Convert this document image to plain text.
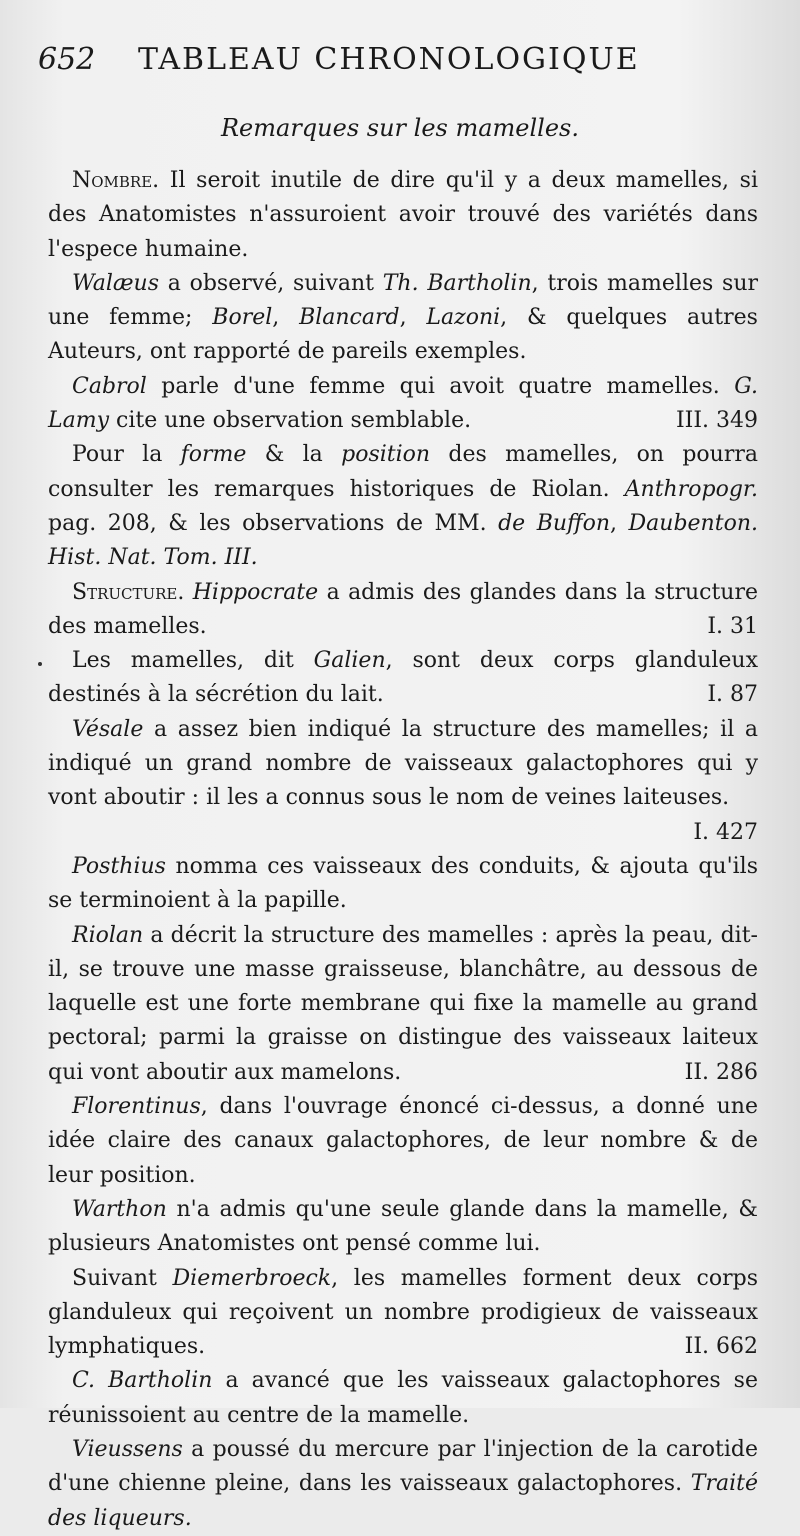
652 TABLEAU CHRONOLOGIQUE
Remarques sur les mamelles.

Nombre. Il seroit inutile de dire qu'il y a deux mamelles, si des Anatomistes n'assuroient avoir trouvé des variétés dans l'espece humaine.

Walæus a observé, suivant Th. Bartholin, trois mamelles sur une femme; Borel, Blancard, Lazoni, & quelques autres Auteurs, ont rapporté de pareils exemples.

Cabrol parle d'une femme qui avoit quatre mamelles. G. Lamy cite une observation semblable.	III. 349

Pour la forme & la position des mamelles, on pourra consulter les remarques historiques de Riolan. Anthropogr. pag. 208, & les observations de MM. de Buffon, Daubenton. Hist. Nat. Tom. III.

Structure. Hippocrate a admis des glandes dans la structure des mamelles.	I. 31

Les mamelles, dit Galien, sont deux corps glanduleux destinés à la sécrétion du lait.	I. 87

Vésale a assez bien indiqué la structure des mamelles; il a indiqué un grand nombre de vaisseaux galactophores qui y vont aboutir : il les a connus sous le nom de veines laiteuses.
I. 427

Posthius nomma ces vaisseaux des conduits, & ajouta qu'ils se terminoient à la papille.

Riolan a décrit la structure des mamelles : après la peau, dit-il, se trouve une masse graisseuse, blanchâtre, au dessous de laquelle est une forte membrane qui fixe la mamelle au grand pectoral; parmi la graisse on distingue des vaisseaux laiteux qui vont aboutir aux mamelons.	II. 286

Florentinus, dans l'ouvrage énoncé ci-dessus, a donné une idée claire des canaux galactophores, de leur nombre & de leur position.

Warthon n'a admis qu'une seule glande dans la mamelle, & plusieurs Anatomistes ont pensé comme lui.

Suivant Diemerbroeck, les mamelles forment deux corps glanduleux qui reçoivent un nombre prodigieux de vaisseaux lymphatiques.	II. 662

C. Bartholin a avancé que les vaisseaux galactophores se réunissoient au centre de la mamelle.

Vieussens a poussé du mercure par l'injection de la carotide d'une chienne pleine, dans les vaisseaux galactophores. Traité des liqueurs.
